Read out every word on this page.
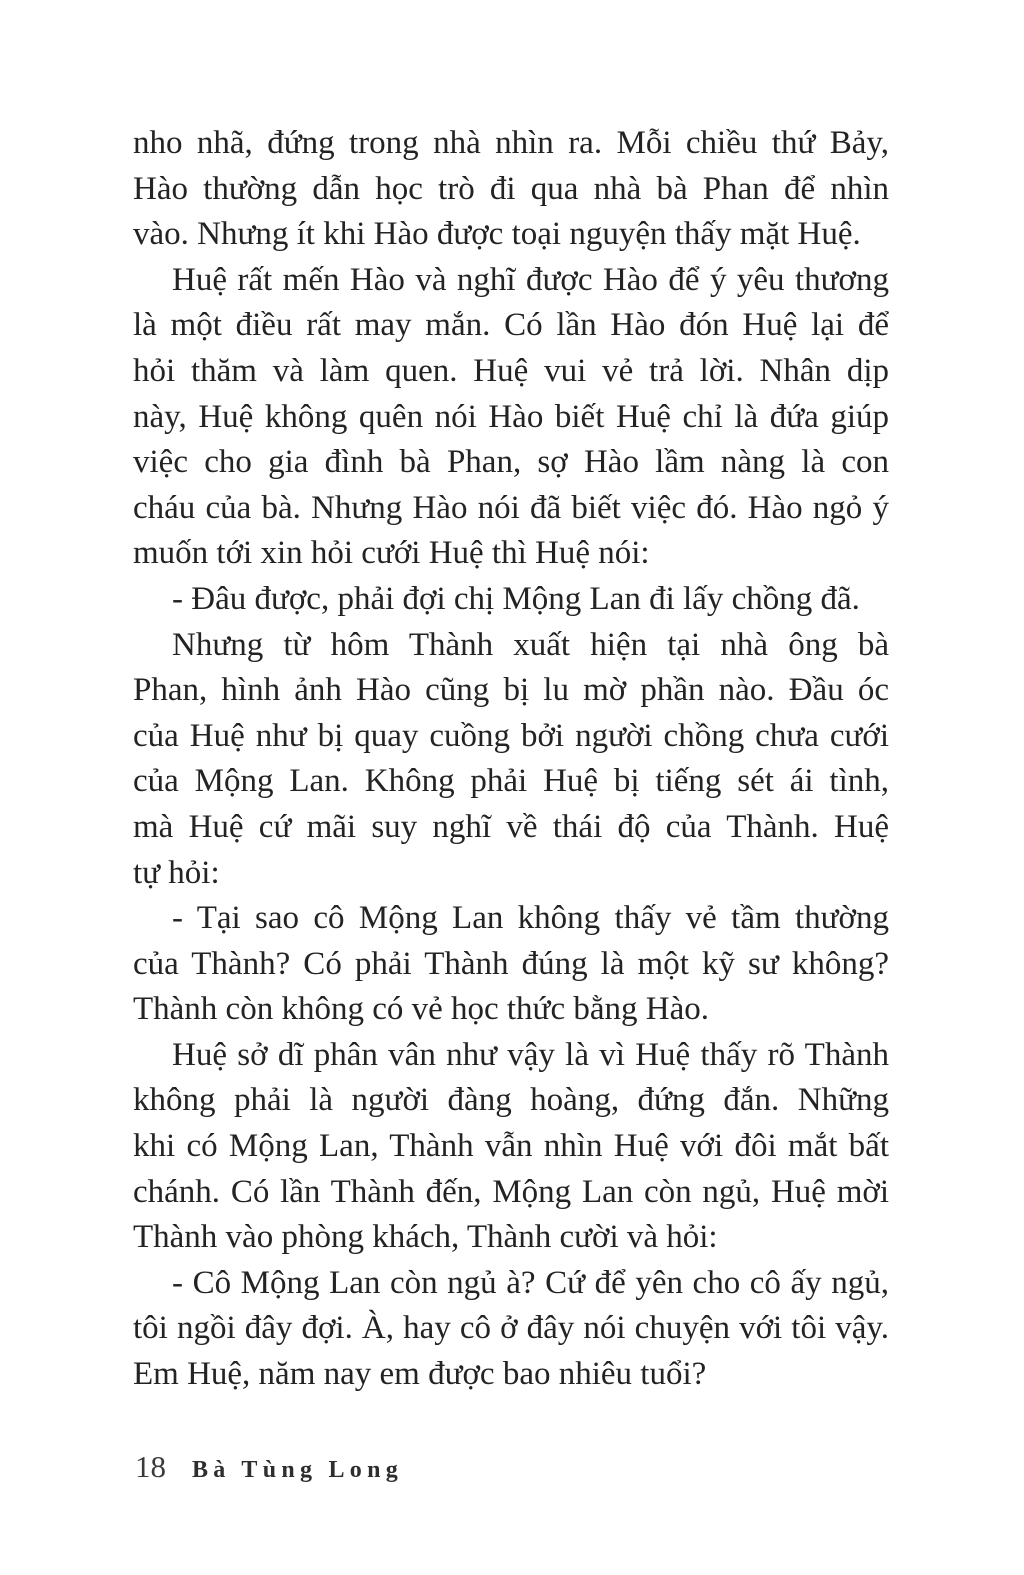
nho nhã, đứng trong nhà nhìn ra. Mỗi chiều thứ Bảy,
Hào thường dẫn học trò đi qua nhà bà Phan để nhìn
vào. Nhưng ít khi Hào được toại nguyện thấy mặt Huệ.
Huệ rất mến Hào và nghĩ được Hào để ý yêu thương
là một điều rất may mắn. Có lần Hào đón Huệ lại để
hỏi thăm và làm quen. Huệ vui vẻ trả lời. Nhân dịp
này, Huệ không quên nói Hào biết Huệ chỉ là đứa giúp
việc cho gia đình bà Phan, sợ Hào lầm nàng là con
cháu của bà. Nhưng Hào nói đã biết việc đó. Hào ngỏ ý
muốn tới xin hỏi cưới Huệ thì Huệ nói:
- Đâu được, phải đợi chị Mộng Lan đi lấy chồng đã.
Nhưng từ hôm Thành xuất hiện tại nhà ông bà
Phan, hình ảnh Hào cũng bị lu mờ phần nào. Đầu óc
của Huệ như bị quay cuồng bởi người chồng chưa cưới
của Mộng Lan. Không phải Huệ bị tiếng sét ái tình,
mà Huệ cứ mãi suy nghĩ về thái độ của Thành. Huệ
tự hỏi:
- Tại sao cô Mộng Lan không thấy vẻ tầm thường
của Thành? Có phải Thành đúng là một kỹ sư không?
Thành còn không có vẻ học thức bằng Hào.
Huệ sở dĩ phân vân như vậy là vì Huệ thấy rõ Thành
không phải là người đàng hoàng, đứng đắn. Những
khi có Mộng Lan, Thành vẫn nhìn Huệ với đôi mắt bất
chánh. Có lần Thành đến, Mộng Lan còn ngủ, Huệ mời
Thành vào phòng khách, Thành cười và hỏi:
- Cô Mộng Lan còn ngủ à? Cứ để yên cho cô ấy ngủ,
tôi ngồi đây đợi. À, hay cô ở đây nói chuyện với tôi vậy.
Em Huệ, năm nay em được bao nhiêu tuổi?
18 Bà Tùng Long
